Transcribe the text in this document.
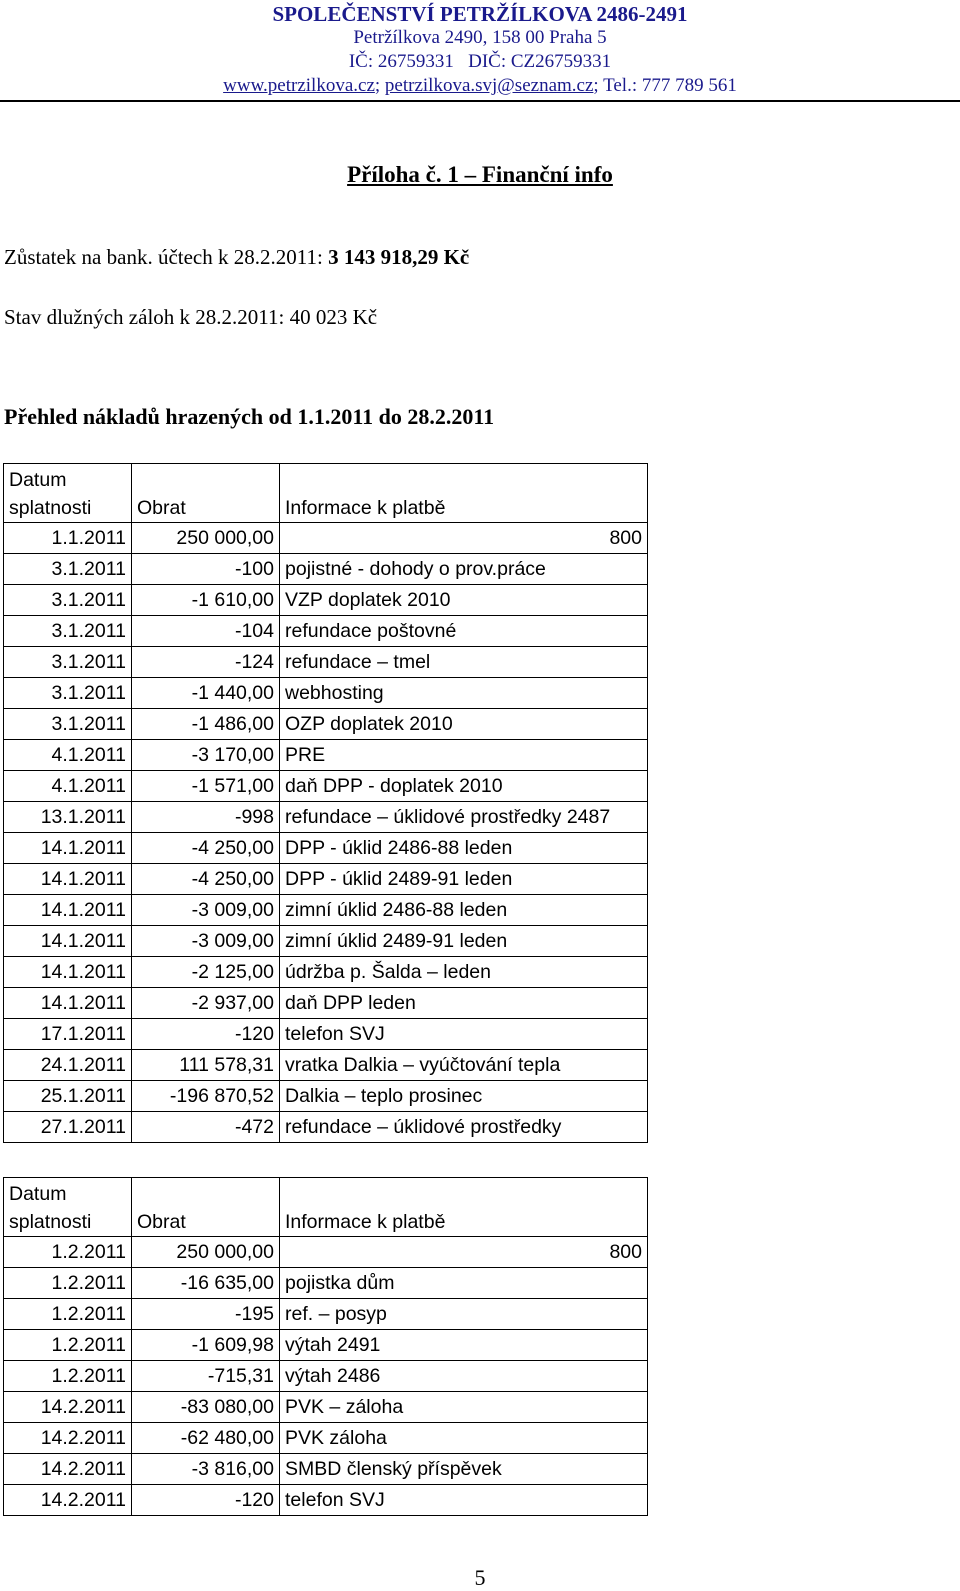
SPOLEČENSTVÍ PETRŽÍLKOVA 2486-2491
Petržílkova 2490, 158 00 Praha 5
IČ: 26759331   DIČ: CZ26759331
www.petrzilkova.cz; petrzilkova.svj@seznam.cz; Tel.: 777 789 561
Příloha č. 1 – Finanční info
Zůstatek na bank. účtech k 28.2.2011: 3 143 918,29 Kč
Stav dlužných záloh k 28.2.2011: 40 023 Kč
Přehled nákladů hrazených od 1.1.2011 do 28.2.2011
Datum
splatnosti	Obrat	Informace k platbě
1.1.2011	250 000,00	800

3.1.2011	-100	pojistné - dohody o prov.práce
3.1.2011	-1 610,00	VZP doplatek 2010
3.1.2011	-104	refundace poštovné
3.1.2011	-124	refundace – tmel
3.1.2011	-1 440,00	webhosting
3.1.2011	-1 486,00	OZP doplatek 2010
4.1.2011	-3 170,00	PRE
4.1.2011	-1 571,00	daň DPP - doplatek 2010
13.1.2011	-998	refundace – úklidové prostředky 2487
14.1.2011	-4 250,00	DPP - úklid 2486-88 leden
14.1.2011	-4 250,00	DPP - úklid 2489-91 leden
14.1.2011	-3 009,00	zimní úklid 2486-88 leden
14.1.2011	-3 009,00	zimní úklid 2489-91 leden
14.1.2011	-2 125,00	údržba p. Šalda – leden
14.1.2011	-2 937,00	daň DPP leden
17.1.2011	-120	telefon SVJ
24.1.2011	111 578,31	vratka Dalkia – vyúčtování tepla
25.1.2011	-196 870,52	Dalkia – teplo prosinec
27.1.2011	-472	refundace – úklidové prostředky
Datum
splatnosti	Obrat	Informace k platbě
1.2.2011	250 000,00	800

1.2.2011	-16 635,00	pojistka dům
1.2.2011	-195	ref. – posyp
1.2.2011	-1 609,98	výtah 2491
1.2.2011	-715,31	výtah 2486
14.2.2011	-83 080,00	PVK – záloha
14.2.2011	-62 480,00	PVK záloha
14.2.2011	-3 816,00	SMBD členský příspěvek
14.2.2011	-120	telefon SVJ
5
